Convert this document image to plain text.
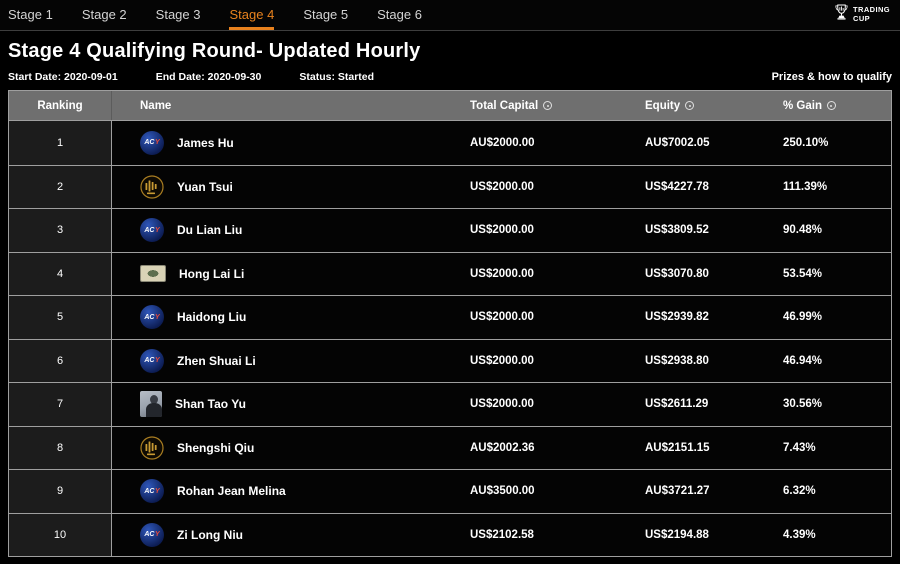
Stage 1 Stage 2 Stage 3 Stage 4 Stage 5 Stage 6	TRADING
CUP
Stage 4 Qualifying Round- Updated Hourly
Start Date: 2020-09-01	End Date: 2020-09-30	Status: Started	Prizes & how to qualify
Ranking	Name	Total Capital	Equity	% Gain
1	AC Y James Hu	AU$2000.00	AU$7002.05	250.10%
2	Yuan Tsui	US$2000.00	US$4227.78	111.39%
3	AC Y Du Lian Liu	US$2000.00	US$3809.52	90.48%
4	Hong Lai Li	US$2000.00	US$3070.80	53.54%
5	AC Y Haidong Liu	US$2000.00	US$2939.82	46.99%
6	AC Y Zhen Shuai Li	US$2000.00	US$2938.80	46.94%
7	Shan Tao Yu	US$2000.00	US$2611.29	30.56%
8	Shengshi Qiu	AU$2002.36	AU$2151.15	7.43%
9	AC Y Rohan Jean Melina	AU$3500.00	AU$3721.27	6.32%
10	AC Y Zi Long Niu	US$2102.58	US$2194.88	4.39%
